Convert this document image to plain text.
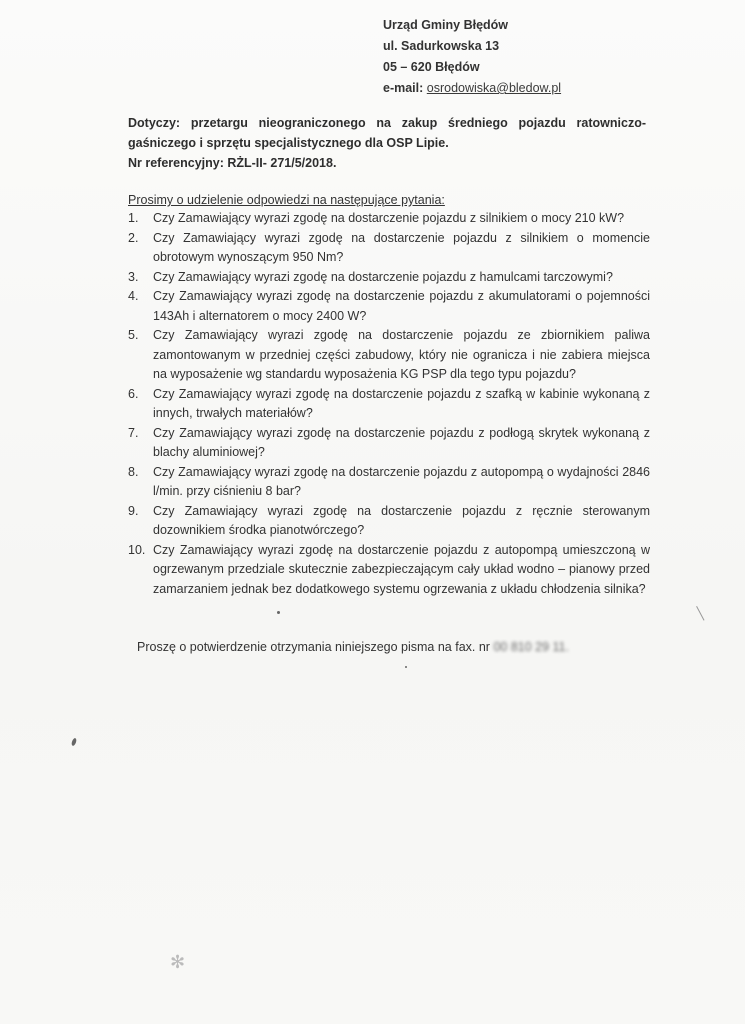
Urząd Gminy Błędów
ul. Sadurkowska 13
05 – 620 Błędów
e-mail: osrodowiska@bledow.pl
Dotyczy: przetargu nieograniczonego na zakup średniego pojazdu ratowniczo-gaśniczego i sprzętu specjalistycznego dla OSP Lipie.
Nr referencyjny: RŻL-II- 271/5/2018.
Prosimy o udzielenie odpowiedzi na następujące pytania:
1. Czy Zamawiający wyrazi zgodę na dostarczenie pojazdu z silnikiem o mocy 210 kW?
2. Czy Zamawiający wyrazi zgodę na dostarczenie pojazdu z silnikiem o momencie obrotowym wynoszącym 950 Nm?
3. Czy Zamawiający wyrazi zgodę na dostarczenie pojazdu z hamulcami tarczowymi?
4. Czy Zamawiający wyrazi zgodę na dostarczenie pojazdu z akumulatorami o pojemności 143Ah i alternatorem o mocy 2400 W?
5. Czy Zamawiający wyrazi zgodę na dostarczenie pojazdu ze zbiornikiem paliwa zamontowanym w przedniej części zabudowy, który nie ogranicza i nie zabiera miejsca na wyposażenie wg standardu wyposażenia KG PSP dla tego typu pojazdu?
6. Czy Zamawiający wyrazi zgodę na dostarczenie pojazdu z szafką w kabinie wykonaną z innych, trwałych materiałów?
7. Czy Zamawiający wyrazi zgodę na dostarczenie pojazdu z podłogą skrytek wykonaną z blachy aluminiowej?
8. Czy Zamawiający wyrazi zgodę na dostarczenie pojazdu z autopompą o wydajności 2846 l/min. przy ciśnieniu 8 bar?
9. Czy Zamawiający wyrazi zgodę na dostarczenie pojazdu z ręcznie sterowanym dozownikiem środka pianotwórczego?
10. Czy Zamawiający wyrazi zgodę na dostarczenie pojazdu z autopompą umieszczoną w ogrzewanym przedziale skutecznie zabezpieczającym cały układ wodno – pianowy przed zamarzaniem jednak bez dodatkowego systemu ogrzewania z układu chłodzenia silnika?
Proszę o potwierdzenie otrzymania niniejszego pisma na fax. nr 00 810 29 11.
✻
